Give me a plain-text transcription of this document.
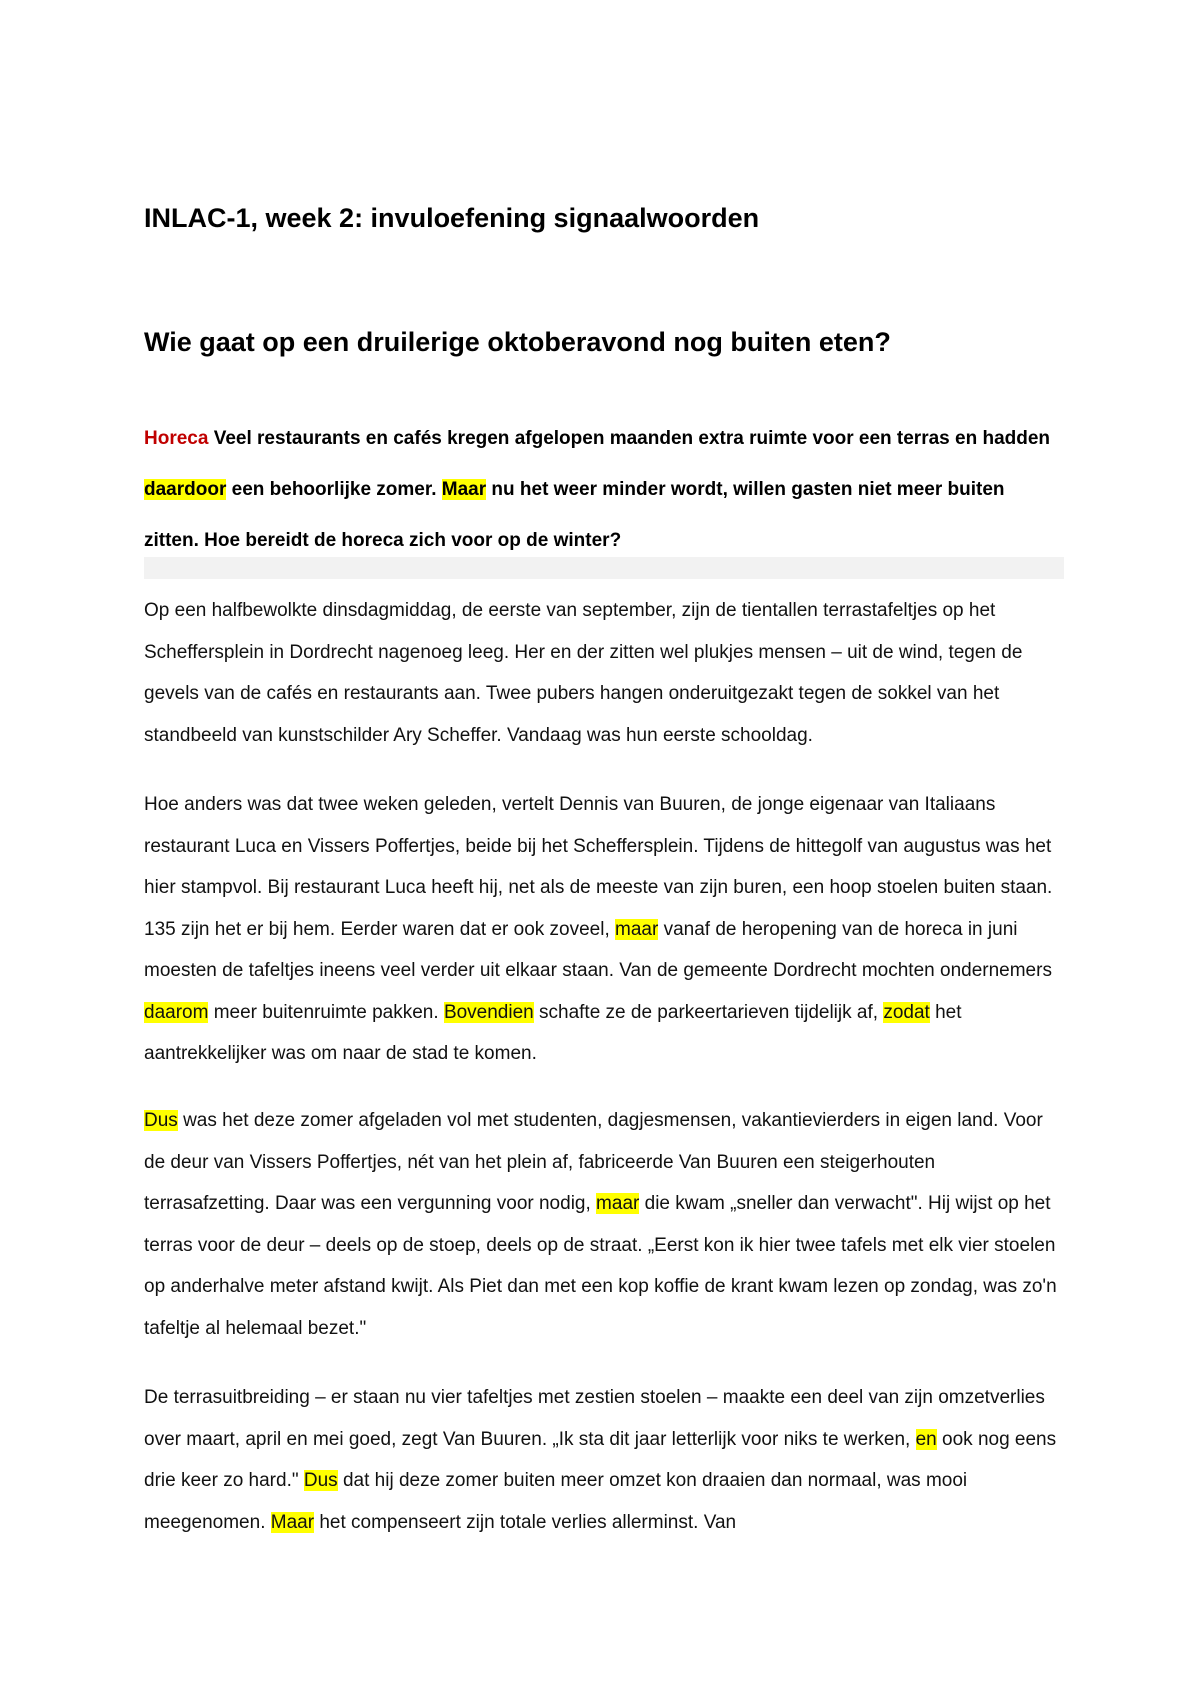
INLAC-1, week 2: invuloefening signaalwoorden
Wie gaat op een druilerige oktoberavond nog buiten eten?

Horeca Veel restaurants en cafés kregen afgelopen maanden extra ruimte voor een terras en hadden daardoor een behoorlijke zomer. Maar nu het weer minder wordt, willen gasten niet meer buiten zitten. Hoe bereidt de horeca zich voor op de winter?

Op een halfbewolkte dinsdagmiddag, de eerste van september, zijn de tientallen terrastafeltjes op het Scheffersplein in Dordrecht nagenoeg leeg. Her en der zitten wel plukjes mensen – uit de wind, tegen de gevels van de cafés en restaurants aan. Twee pubers hangen onderuitgezakt tegen de sokkel van het standbeeld van kunstschilder Ary Scheffer. Vandaag was hun eerste schooldag.

Hoe anders was dat twee weken geleden, vertelt Dennis van Buuren, de jonge eigenaar van Italiaans restaurant Luca en Vissers Poffertjes, beide bij het Scheffersplein. Tijdens de hittegolf van augustus was het hier stampvol. Bij restaurant Luca heeft hij, net als de meeste van zijn buren, een hoop stoelen buiten staan. 135 zijn het er bij hem. Eerder waren dat er ook zoveel, maar vanaf de heropening van de horeca in juni moesten de tafeltjes ineens veel verder uit elkaar staan. Van de gemeente Dordrecht mochten ondernemers daarom meer buitenruimte pakken. Bovendien schafte ze de parkeertarieven tijdelijk af, zodat het aantrekkelijker was om naar de stad te komen.

Dus was het deze zomer afgeladen vol met studenten, dagjesmensen, vakantievierders in eigen land. Voor de deur van Vissers Poffertjes, nét van het plein af, fabriceerde Van Buuren een steigerhouten terrasafzetting. Daar was een vergunning voor nodig, maar die kwam „sneller dan verwacht". Hij wijst op het terras voor de deur – deels op de stoep, deels op de straat. „Eerst kon ik hier twee tafels met elk vier stoelen op anderhalve meter afstand kwijt. Als Piet dan met een kop koffie de krant kwam lezen op zondag, was zo'n tafeltje al helemaal bezet."

De terrasuitbreiding – er staan nu vier tafeltjes met zestien stoelen – maakte een deel van zijn omzetverlies over maart, april en mei goed, zegt Van Buuren. „Ik sta dit jaar letterlijk voor niks te werken, en ook nog eens drie keer zo hard." Dus dat hij deze zomer buiten meer omzet kon draaien dan normaal, was mooi meegenomen. Maar het compenseert zijn totale verlies allerminst. Van
